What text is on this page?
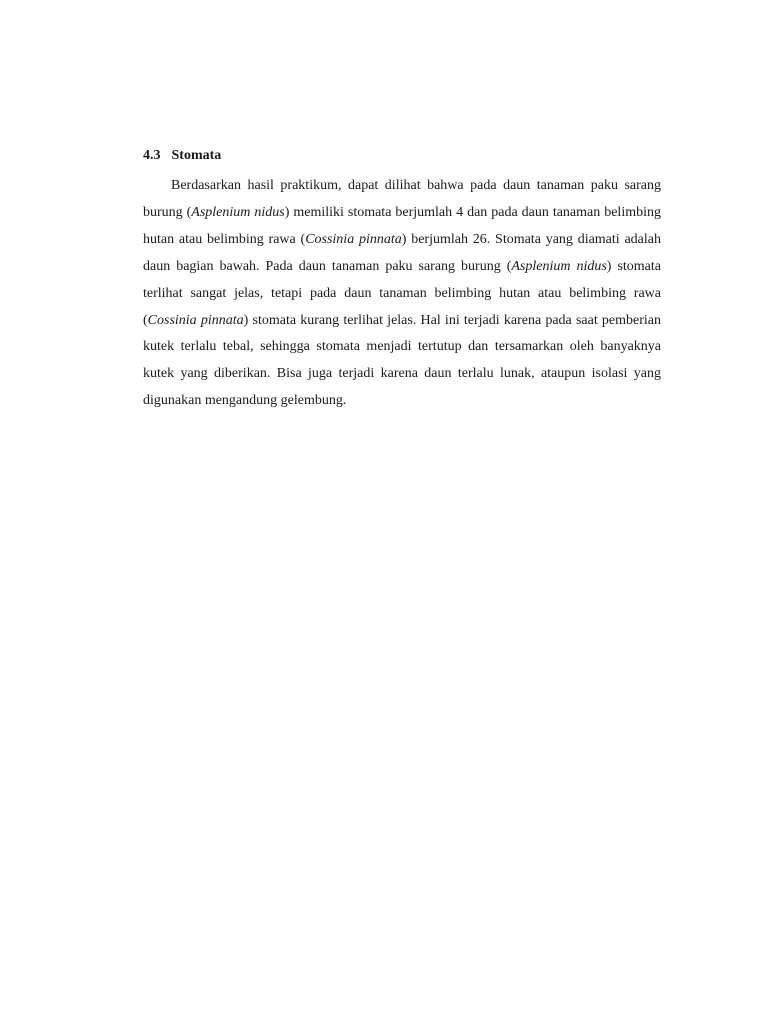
4.3 Stomata

Berdasarkan hasil praktikum, dapat dilihat bahwa pada daun tanaman paku sarang burung (Asplenium nidus) memiliki stomata berjumlah 4 dan pada daun tanaman belimbing hutan atau belimbing rawa (Cossinia pinnata) berjumlah 26. Stomata yang diamati adalah daun bagian bawah. Pada daun tanaman paku sarang burung (Asplenium nidus) stomata terlihat sangat jelas, tetapi pada daun tanaman belimbing hutan atau belimbing rawa (Cossinia pinnata) stomata kurang terlihat jelas. Hal ini terjadi karena pada saat pemberian kutek terlalu tebal, sehingga stomata menjadi tertutup dan tersamarkan oleh banyaknya kutek yang diberikan. Bisa juga terjadi karena daun terlalu lunak, ataupun isolasi yang digunakan mengandung gelembung.
